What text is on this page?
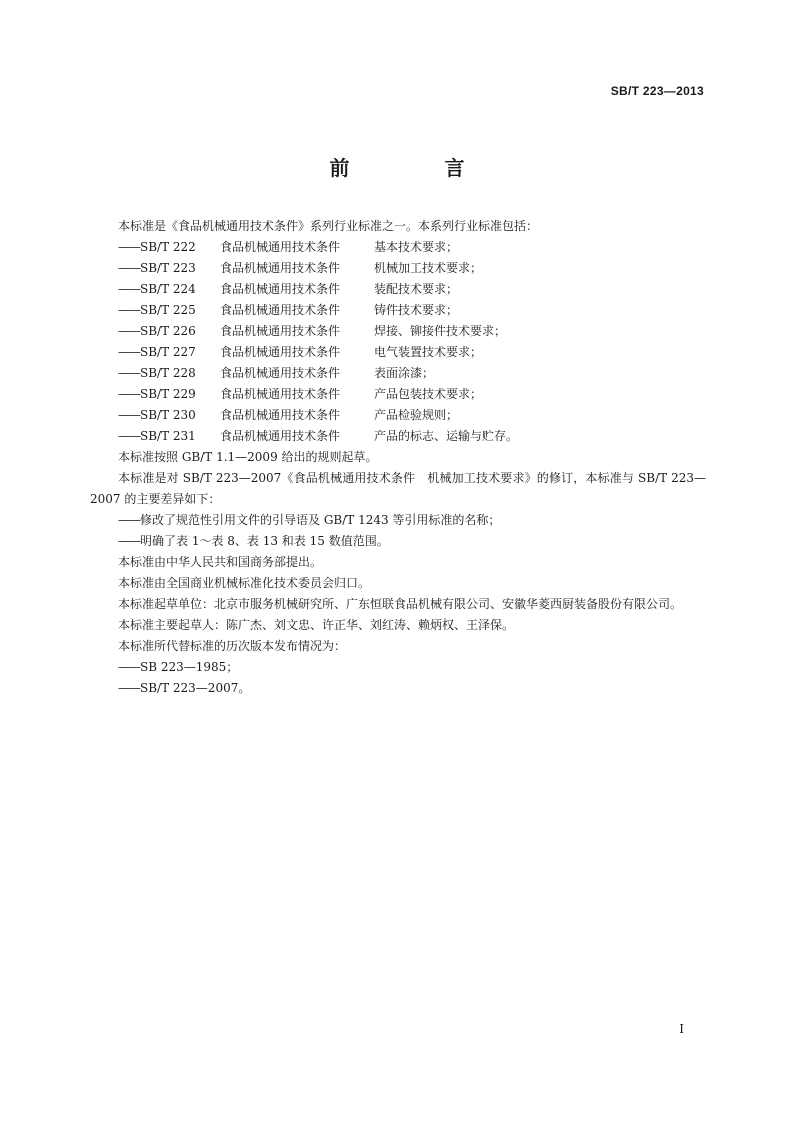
SB/T 223—2013
前 言

本标准是《食品机械通用技术条件》系列行业标准之一。本系列行业标准包括：

——SB/T 222 食品机械通用技术条件	基本技术要求；

——SB/T 223 食品机械通用技术条件	机械加工技术要求；

——SB/T 224 食品机械通用技术条件	装配技术要求；

——SB/T 225 食品机械通用技术条件	铸件技术要求；

——SB/T 226 食品机械通用技术条件	焊接、铆接件技术要求；

——SB/T 227 食品机械通用技术条件	电气装置技术要求；

——SB/T 228 食品机械通用技术条件	表面涂漆；

——SB/T 229 食品机械通用技术条件	产品包装技术要求；

——SB/T 230 食品机械通用技术条件	产品检验规则；

——SB/T 231 食品机械通用技术条件	产品的标志、运输与贮存。

本标准按照 GB/T 1.1—2009 给出的规则起草。

本标准是对 SB/T 223—2007《食品机械通用技术条件　机械加工技术要求》的修订，本标准与 SB/T 223—2007 的主要差异如下：

——修改了规范性引用文件的引导语及 GB/T 1243 等引用标准的名称；

——明确了表 1～表 8、表 13 和表 15 数值范围。

本标准由中华人民共和国商务部提出。

本标准由全国商业机械标准化技术委员会归口。

本标准起草单位：北京市服务机械研究所、广东恒联食品机械有限公司、安徽华菱西厨装备股份有限公司。

本标准主要起草人：陈广杰、刘文忠、许正华、刘红涛、赖炳权、王泽保。

本标准所代替标准的历次版本发布情况为：

——SB 223—1985；

——SB/T 223—2007。

I
